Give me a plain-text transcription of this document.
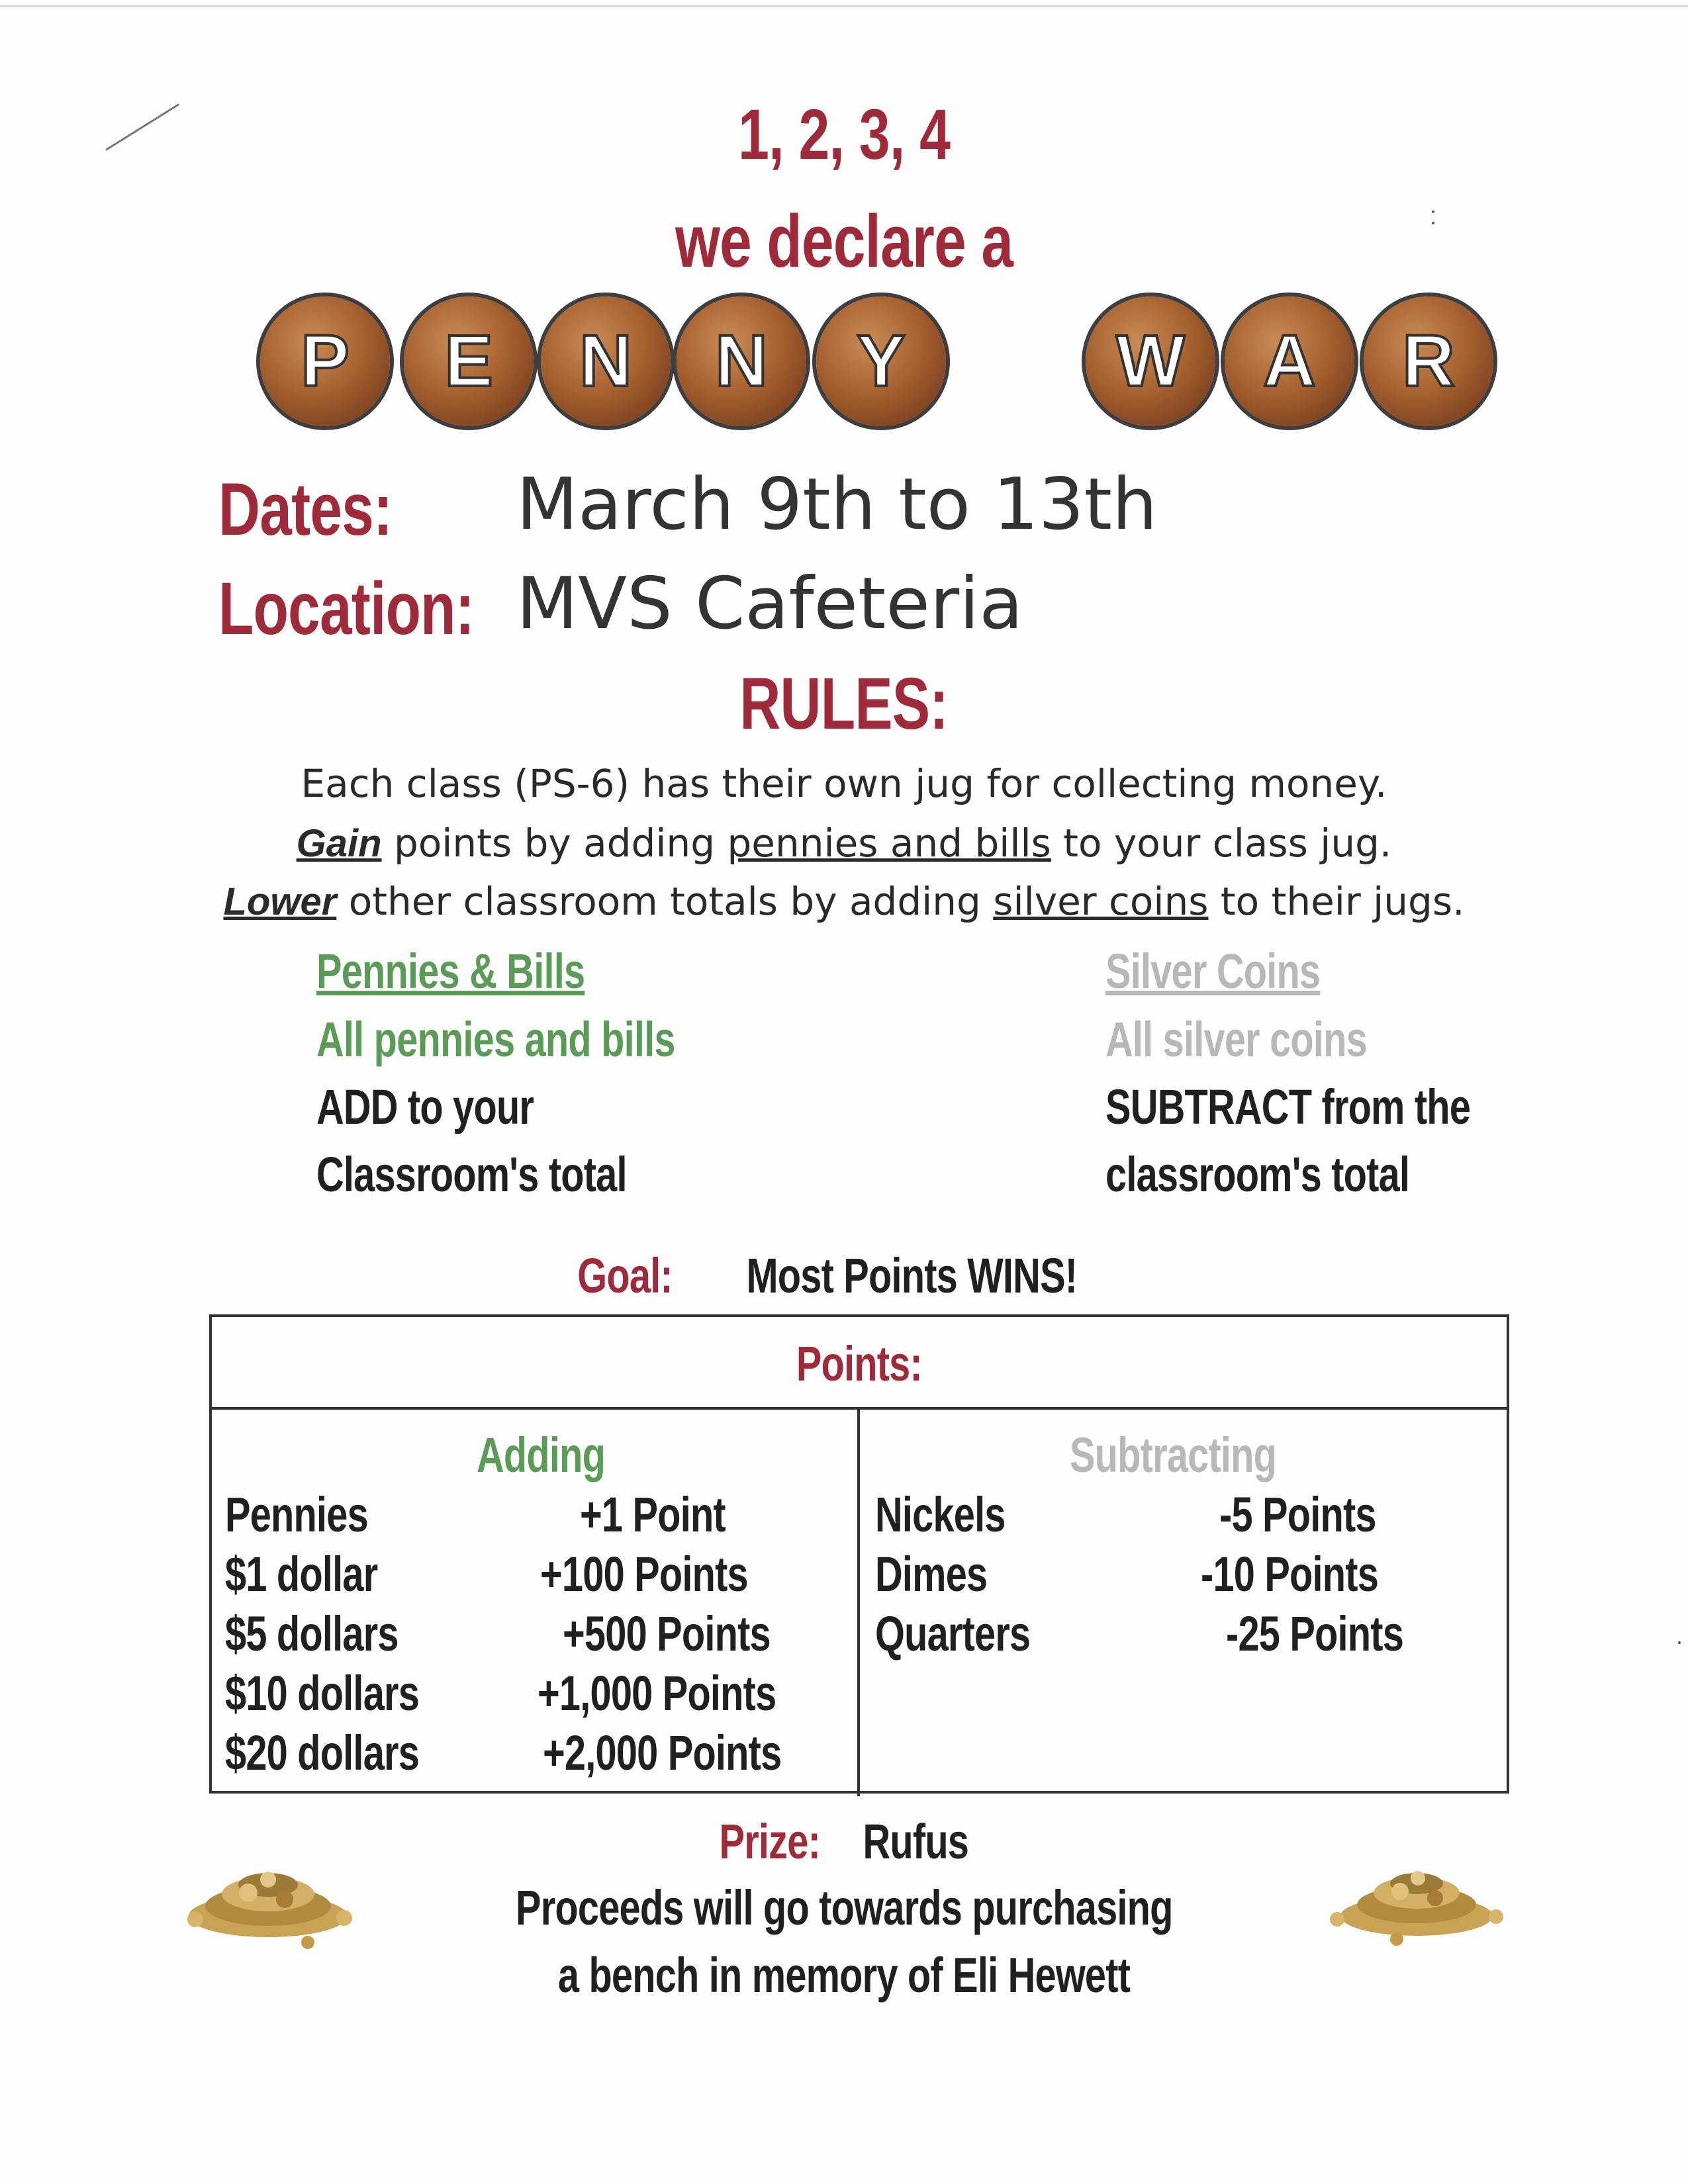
1, 2, 3, 4
we declare a
P E N N Y	W A R
Dates:	March 9th to 13th
Location: MVS Cafeteria
RULES:
Each class (PS-6) has their own jug for collecting money.
Gain points by adding pennies and bills to your class jug.
Lower other classroom totals by adding silver coins to their jugs.
Pennies & Bills
All pennies and bills
ADD to your
Classroom's total
Silver Coins
All silver coins
SUBTRACT from the
classroom's total
Goal: Most Points WINS!
Points:
Adding	Subtracting
Pennies	+1 Point
$1 dollar	+100 Points
$5 dollars	+500 Points
$10 dollars	+1,000 Points
$20 dollars	+2,000 Points
Nickels	-5 Points
Dimes	-10 Points
Quarters	-25 Points
Prize: Rufus
Proceeds will go towards purchasing
a bench in memory of Eli Hewett
